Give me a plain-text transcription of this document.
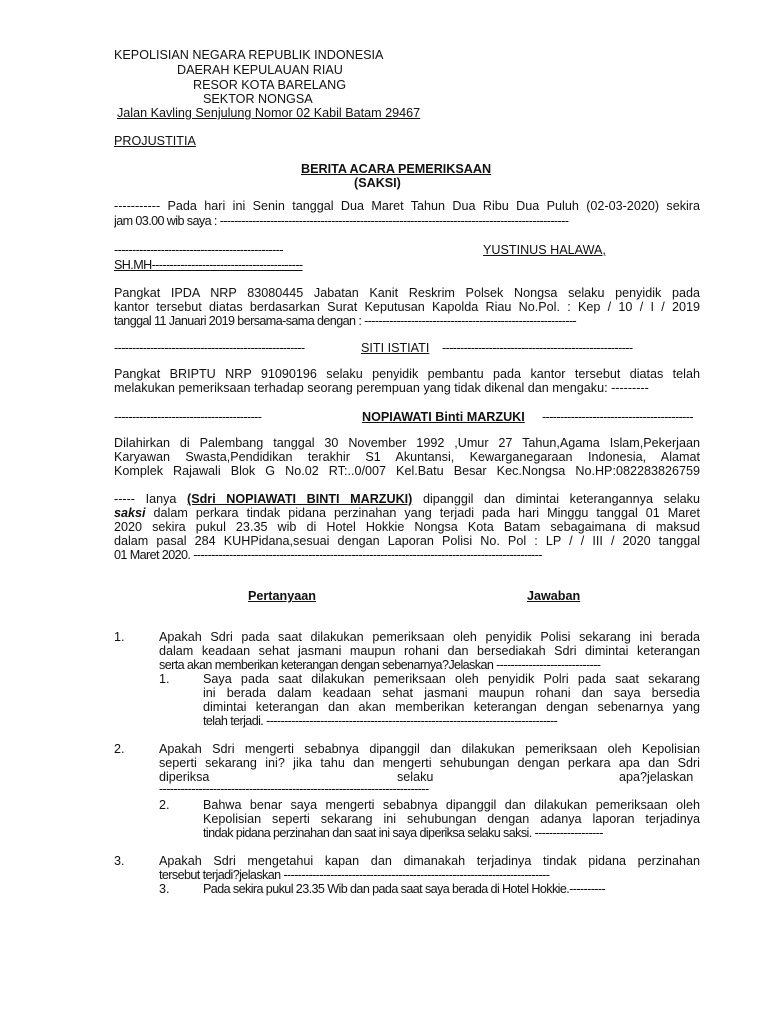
KEPOLISIAN NEGARA REPUBLIK INDONESIA
DAERAH KEPULAUAN RIAU
RESOR KOTA BARELANG
SEKTOR NONGSA
Jalan Kavling Senjulung Nomor 02 Kabil Batam 29467
PROJUSTITIA
BERITA ACARA PEMERIKSAAN
(SAKSI)
----------- Pada hari ini Senin tanggal Dua Maret Tahun Dua Ribu Dua Puluh (02-03-2020) sekira
jam 03.00 wib saya : -------------------------------------------------------------------------------------------------
-----------------------------------------------	YUSTINUS HALAWA,
SH.MH------------------------------------------
Pangkat IPDA NRP 83080445 Jabatan Kanit Reskrim Polsek Nongsa selaku penyidik pada
kantor tersebut diatas berdasarkan Surat Keputusan Kapolda Riau No.Pol. : Kep / 10 / I / 2019
tanggal 11 Januari 2019 bersama-sama dengan : -----------------------------------------------------------
-----------------------------------------------------	SITI ISTIATI -----------------------------------------------------
Pangkat BRIPTU NRP 91090196 selaku penyidik pembantu pada kantor tersebut diatas telah
melakukan pemeriksaan terhadap seorang perempuan yang tidak dikenal dan mengaku: ---------
-----------------------------------------	NOPIAWATI Binti MARZUKI ------------------------------------------
Dilahirkan di Palembang tanggal 30 November 1992 ,Umur 27 Tahun,Agama Islam,Pekerjaan
Karyawan Swasta,Pendidikan terakhir S1 Akuntansi, Kewarganegaraan Indonesia, Alamat
Komplek Rajawali Blok G No.02 RT:..0/007 Kel.Batu Besar Kec.Nongsa No.HP:082283826759
----- Ianya (Sdri NOPIAWATI BINTI MARZUKI) dipanggil dan dimintai keterangannya selaku
saksi dalam perkara tindak pidana perzinahan yang terjadi pada hari Minggu tanggal 01 Maret
2020 sekira pukul 23.35 wib di Hotel Hokkie Nongsa Kota Batam sebagaimana di maksud
dalam pasal 284 KUHPidana,sesuai dengan Laporan Polisi No. Pol : LP / / III / 2020 tanggal
01 Maret 2020. -------------------------------------------------------------------------------------------------
Pertanyaan	Jawaban
1.	Apakah Sdri pada saat dilakukan pemeriksaan oleh penyidik Polisi sekarang ini berada
dalam keadaan sehat jasmani maupun rohani dan bersediakah Sdri dimintai keterangan
serta akan memberikan keterangan dengan sebenarnya?Jelaskan -----------------------------
1.	Saya pada saat dilakukan pemeriksaan oleh penyidik Polri pada saat sekarang
ini berada dalam keadaan sehat jasmani maupun rohani dan saya bersedia
dimintai keterangan dan akan memberikan keterangan dengan sebenarnya yang
telah terjadi. ---------------------------------------------------------------------------------
2.	Apakah Sdri mengerti sebabnya dipanggil dan dilakukan pemeriksaan oleh Kepolisian
seperti sekarang ini? jika tahu dan mengerti sehubungan dengan perkara apa dan Sdri
diperiksa	selaku	apa?jelaskan
---------------------------------------------------------------------------
2.	Bahwa benar saya mengerti sebabnya dipanggil dan dilakukan pemeriksaan oleh
Kepolisian seperti sekarang ini sehubungan dengan adanya laporan terjadinya
tindak pidana perzinahan dan saat ini saya diperiksa selaku saksi. -------------------
3.	Apakah Sdri mengetahui kapan dan dimanakah terjadinya tindak pidana perzinahan
tersebut terjadi?jelaskan --------------------------------------------------------------------------
3.	Pada sekira pukul 23.35 Wib dan pada saat saya berada di Hotel Hokkie.----------
